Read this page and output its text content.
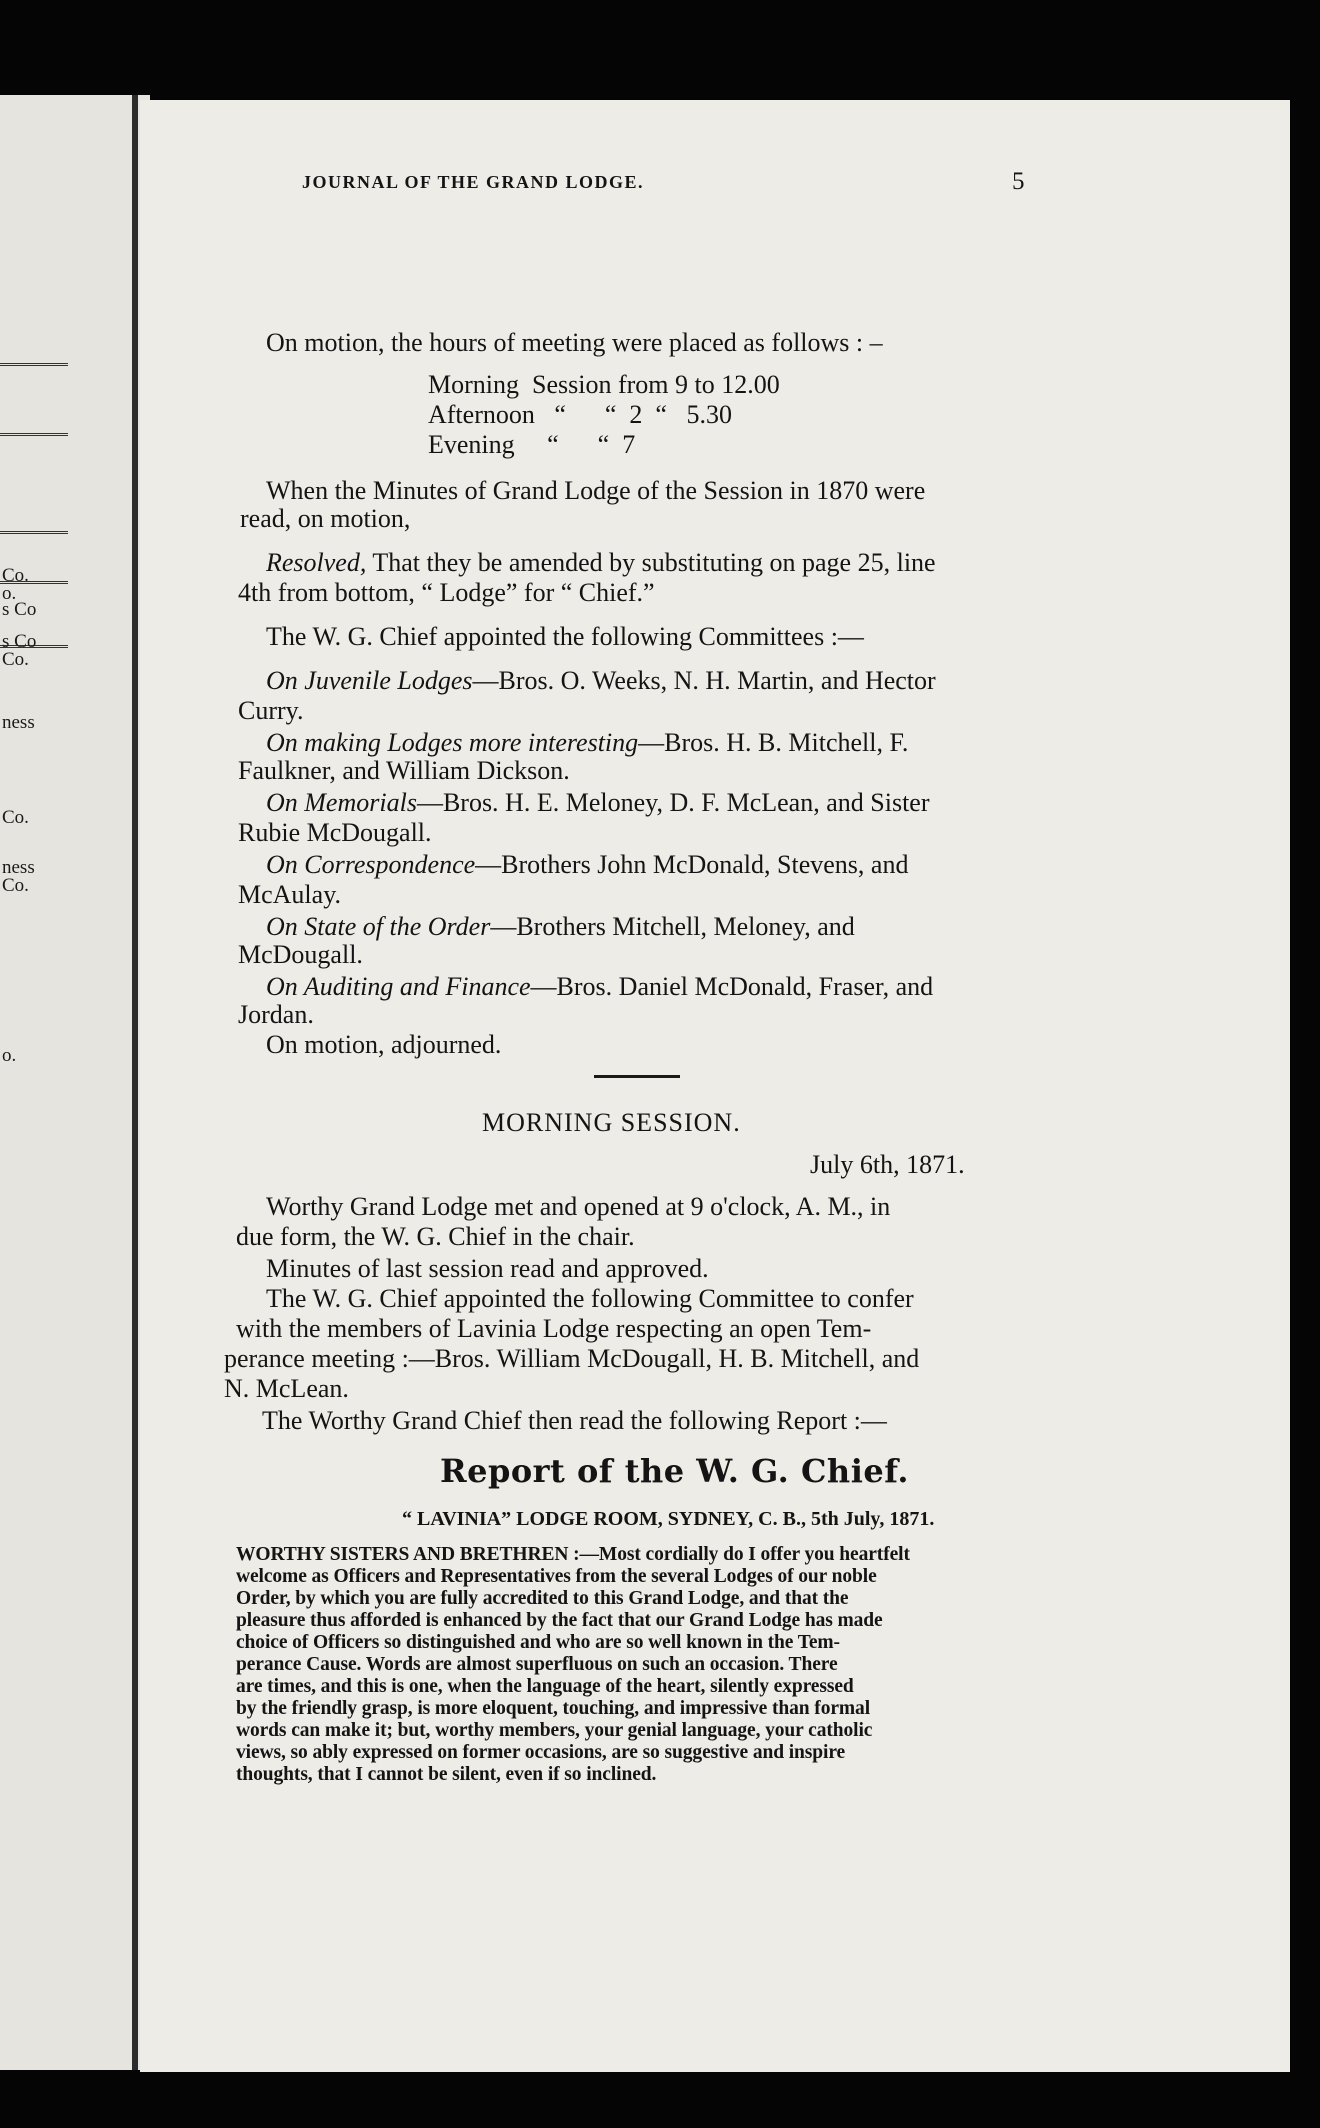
Co.
o.
s Co
s Co
Co.
ness
Co.
ness
Co.
o.
JOURNAL OF THE GRAND LODGE.	5
On motion, the hours of meeting were placed as follows : –
Morning  Session from 9 to 12.00
Afternoon   “      “  2  “   5.30
Evening     “      “  7
When the Minutes of Grand Lodge of the Session in 1870 were
read, on motion,
Resolved, That they be amended by substituting on page 25, line
4th from bottom, “ Lodge” for “ Chief.”
The W. G. Chief appointed the following Committees :—
On Juvenile Lodges—Bros. O. Weeks, N. H. Martin, and Hector
Curry.
On making Lodges more interesting—Bros. H. B. Mitchell, F.
Faulkner, and William Dickson.
On Memorials—Bros. H. E. Meloney, D. F. McLean, and Sister
Rubie McDougall.
On Correspondence—Brothers John McDonald, Stevens, and
McAulay.
On State of the Order—Brothers Mitchell, Meloney, and
McDougall.
On Auditing and Finance—Bros. Daniel McDonald, Fraser, and
Jordan.
On motion, adjourned.
MORNING SESSION.
July 6th, 1871.
Worthy Grand Lodge met and opened at 9 o'clock, A. M., in
due form, the W. G. Chief in the chair.
Minutes of last session read and approved.
The W. G. Chief appointed the following Committee to confer
with the members of Lavinia Lodge respecting an open Tem-
perance meeting :—Bros. William McDougall, H. B. Mitchell, and
N. McLean.
The Worthy Grand Chief then read the following Report :—
Report of the W. G. Chief.
“ LAVINIA” LODGE ROOM, SYDNEY, C. B., 5th July, 1871.
WORTHY SISTERS AND BRETHREN :—Most cordially do I offer you heartfelt
welcome as Officers and Representatives from the several Lodges of our noble
Order, by which you are fully accredited to this Grand Lodge, and that the
pleasure thus afforded is enhanced by the fact that our Grand Lodge has made
choice of Officers so distinguished and who are so well known in the Tem-
perance Cause. Words are almost superfluous on such an occasion. There
are times, and this is one, when the language of the heart, silently expressed
by the friendly grasp, is more eloquent, touching, and impressive than formal
words can make it; but, worthy members, your genial language, your catholic
views, so ably expressed on former occasions, are so suggestive and inspire
thoughts, that I cannot be silent, even if so inclined.
